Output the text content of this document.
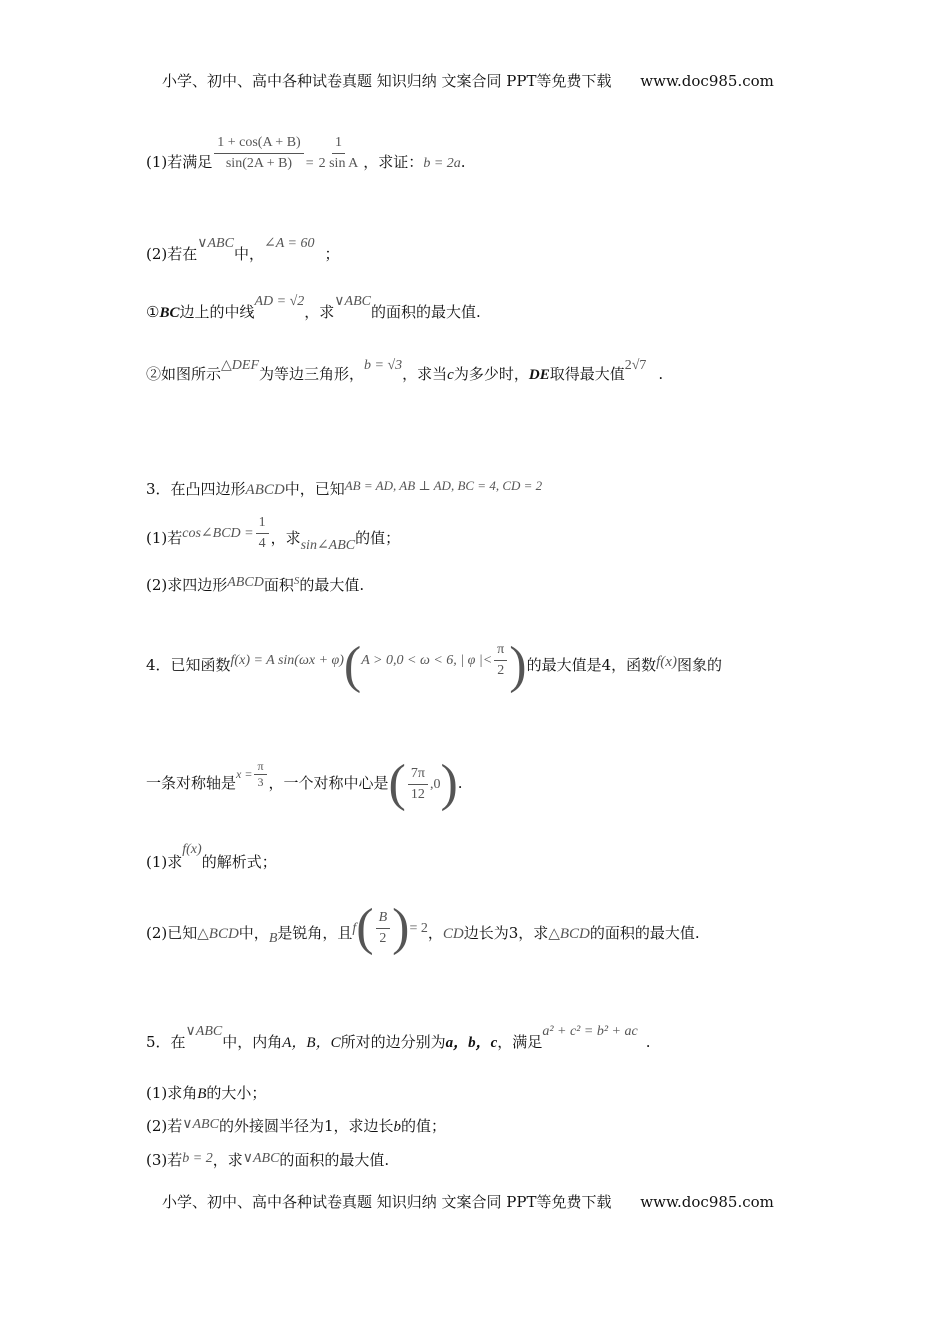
小学、初中、高中各种试卷真题 知识归纳 文案合同 PPT等免费下载 www.doc985.com
(1)若满足 $\frac{1 + \cos(A + B)}{\sin(2A + B)} = \frac{1}{\text{2 sin A}}$ ，求证：b = 2a.
(2)若在∨ABC中，∠A = 60；
①BC边上的中线AD = √2，求∨ABC的面积的最大值.
②如图所示△DEF为等边三角形，b = √3，求当c为多少时，DE取得最大值2√7 .
3．在凸四边形ABCD中，已知AB = AD, AB ⊥ AD, BC = 4, CD = 2
(1)若cos∠BCD = $\frac{1}{4}$ ，求sin∠ABC的值；
(2)求四边形ABCD面积$^S$的最大值.
4．已知函数f(x) = A sin(ωx + φ)(A > 0,0 < ω < 6, | φ |< $\frac{\pi}{2}$ )的最大值是4，函数f(x)图象的
一条对称轴是$^{x =} \frac{\pi}{3}$ ，一个对称中心是( $\frac{7\pi}{12} ,0$).
(1)求f(x)的解析式；
(2)已知△BCD中，B是锐角，且$f( \frac{B}{2}$ )= 2，CD边长为3，求△BCD的面积的最大值.
5．在∨ABC中，内角A，B，C所对的边分别为a，b，c，满足a² + c² = b² + ac.
(1)求角B的大小；
(2)若∨ABC的外接圆半径为1，求边长b的值；
(3)若b = 2，求∨ABC的面积的最大值.
小学、初中、高中各种试卷真题 知识归纳 文案合同 PPT等免费下载 www.doc985.com
